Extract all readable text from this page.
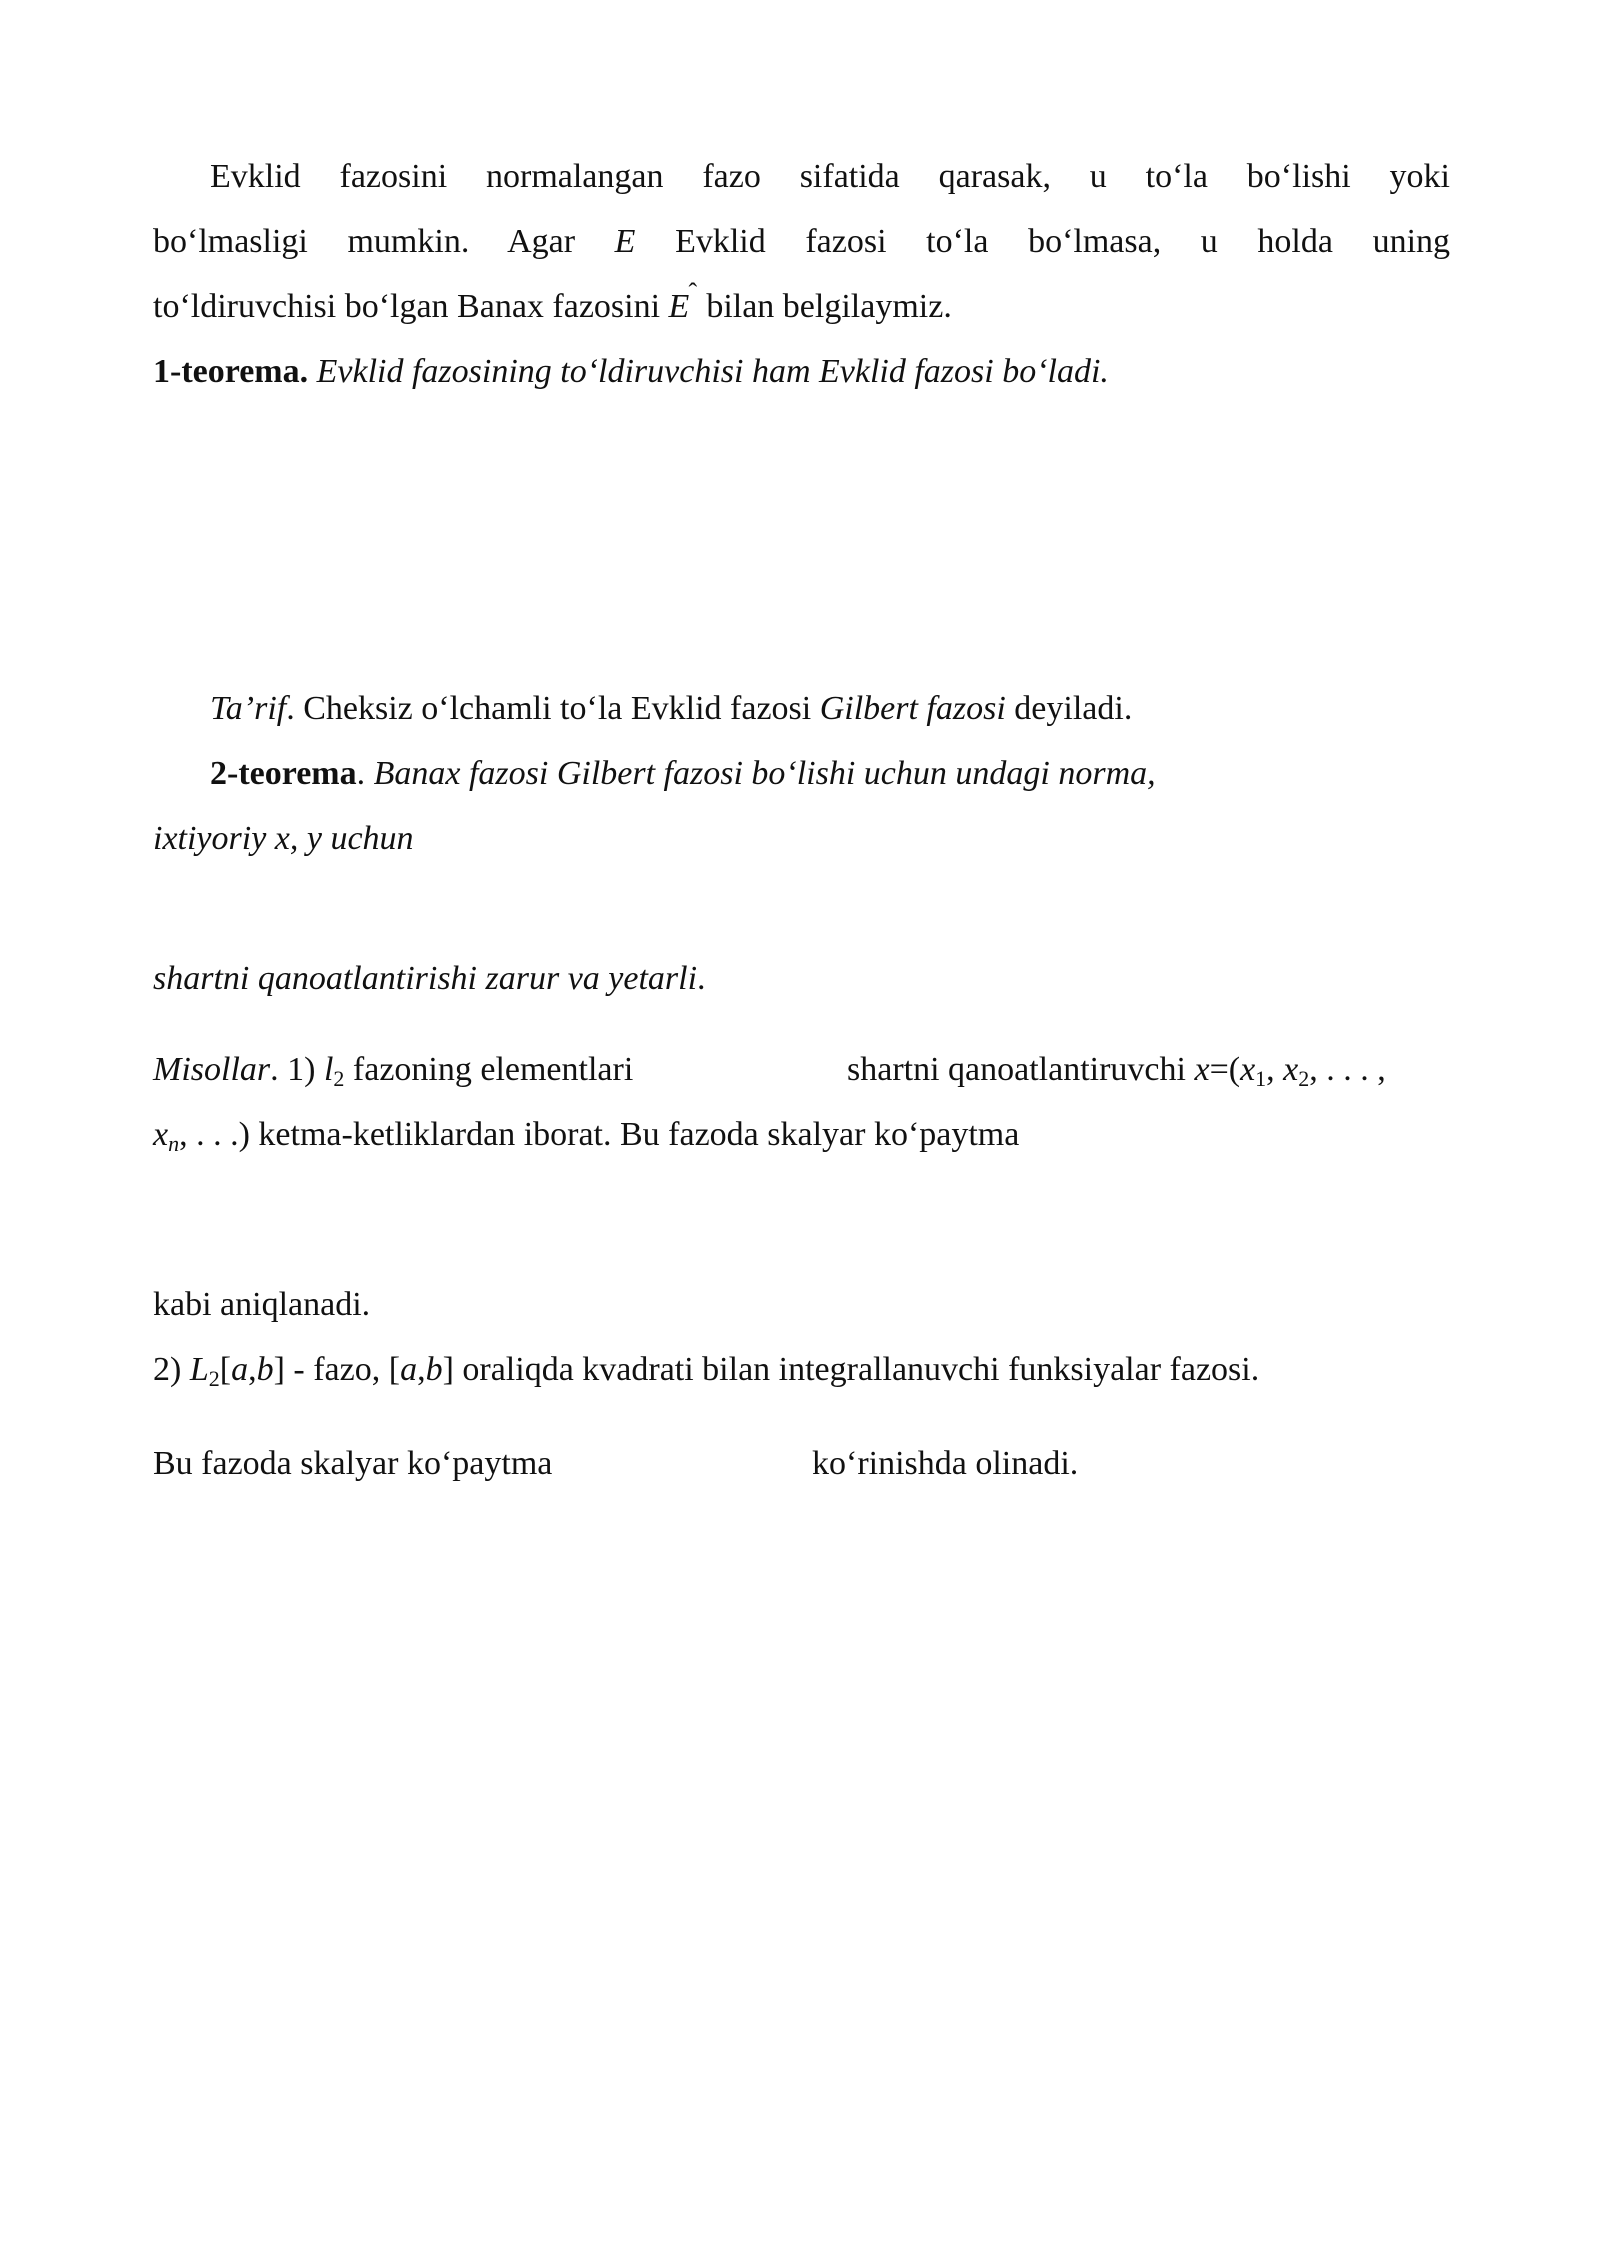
Evklid fazosini normalangan fazo sifatida qarasak, u to‘la bo‘lishi yoki
bo‘lmasligi mumkin. Agar E Evklid fazosi to‘la bo‘lmasa, u holda uning
to‘ldiruvchisi bo‘lgan Banax fazosini E ˆ bilan belgilaymiz.
1-teorema. Evklid fazosining to‘ldiruvchisi ham Evklid fazosi bo‘ladi.
Ta’rif. Cheksiz o‘lchamli to‘la Evklid fazosi Gilbert fazosi deyiladi.
2-teorema. Banax fazosi Gilbert fazosi bo‘lishi uchun undagi norma,
ixtiyoriy x, y uchun
shartni qanoatlantirishi zarur va yetarli.
Misollar. 1) $l_2$ fazoning elementlari	shartni qanoatlantiruvchi $x=(x_1$, $x_2$, . . . ,
$x_n$, . . .) ketma-ketliklardan iborat. Bu fazoda skalyar ko‘paytma
kabi aniqlanadi.
2) $L_2[a,b]$ - fazo, [a,b] oraliqda kvadrati bilan integrallanuvchi funksiyalar fazosi.
Bu fazoda skalyar ko‘paytma	ko‘rinishda olinadi.
